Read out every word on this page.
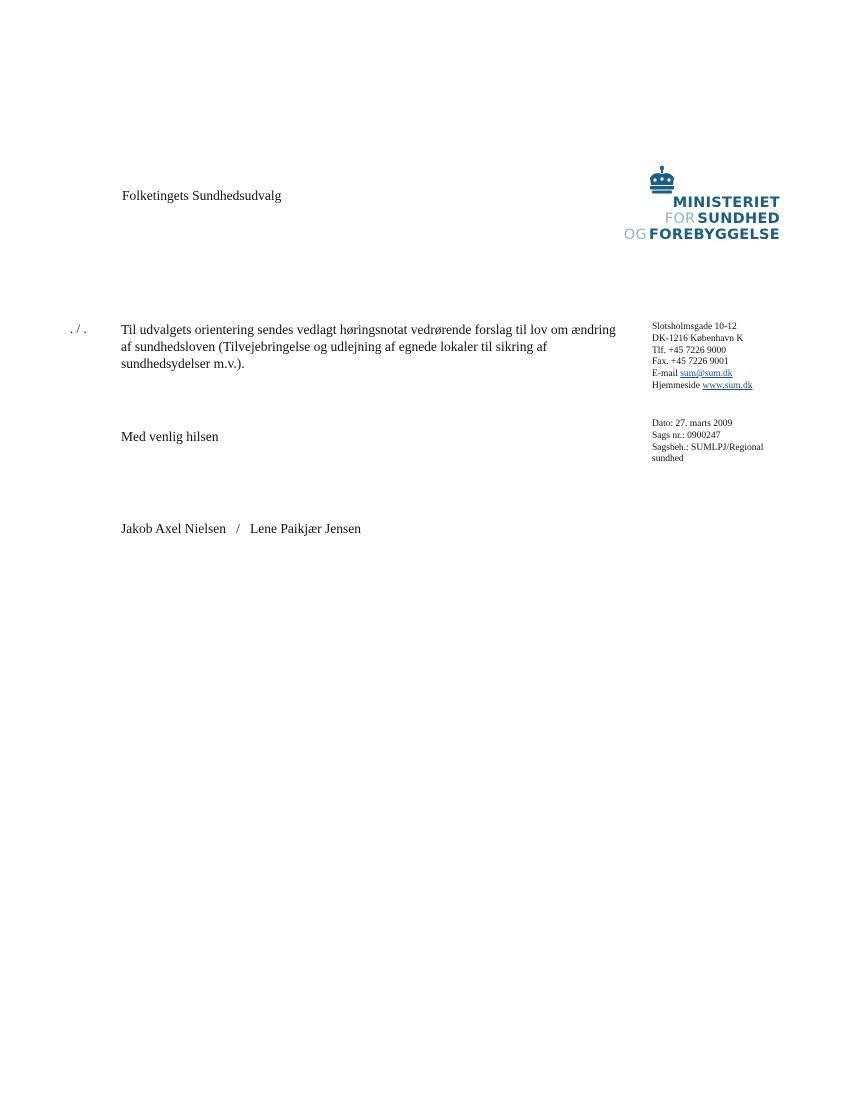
Folketingets Sundhedsudvalg	MINISTERIET
FOR SUNDHED
OG FOREBYGGELSE
. / .	Til udvalgets orientering sendes vedlagt høringsnotat vedrørende forslag til lov om ændring af sundhedsloven (Tilvejebringelse og udlejning af egnede lokaler til sikring af sundhedsydelser m.v.).
Slotsholmsgade 10-12
DK-1216 København K
Tlf. +45 7226 9000
Fax. +45 7226 9001
E-mail sum@sum.dk
Hjemmeside www.sum.dk
Dato: 27. marts 2009
Sags nr.: 0900247
Sagsbeh.: SUMLPJ/Regional sundhed
Med venlig hilsen
Jakob Axel Nielsen   /   Lene Paikjær Jensen
